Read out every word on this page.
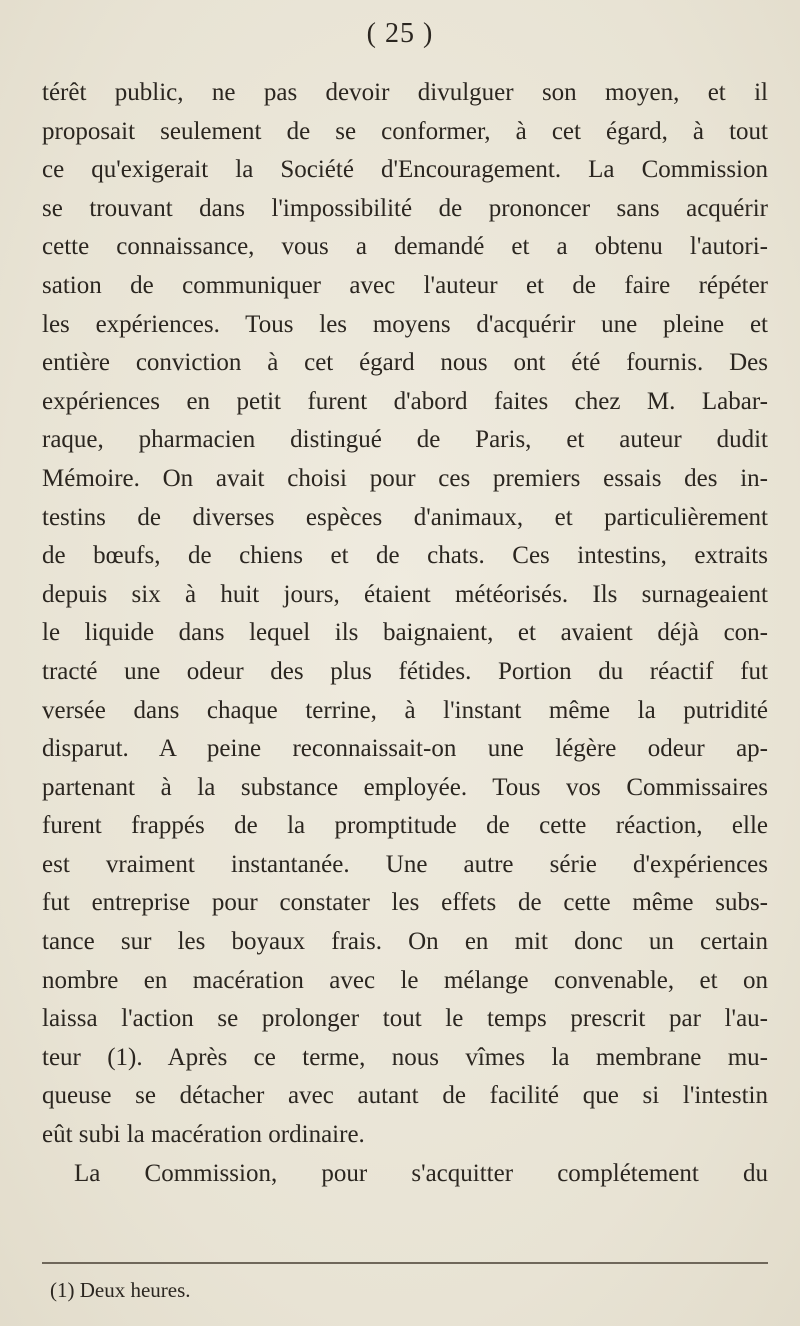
( 25 )
térêt public, ne pas devoir divulguer son moyen, et il
proposait seulement de se conformer, à cet égard, à tout
ce qu'exigerait la Société d'Encouragement. La Commission
se trouvant dans l'impossibilité de prononcer sans acquérir
cette connaissance, vous a demandé et a obtenu l'autori-
sation de communiquer avec l'auteur et de faire répéter
les expériences. Tous les moyens d'acquérir une pleine et
entière conviction à cet égard nous ont été fournis. Des
expériences en petit furent d'abord faites chez M. Labar-
raque, pharmacien distingué de Paris, et auteur dudit
Mémoire. On avait choisi pour ces premiers essais des in-
testins de diverses espèces d'animaux, et particulièrement
de bœufs, de chiens et de chats. Ces intestins, extraits
depuis six à huit jours, étaient météorisés. Ils surnageaient
le liquide dans lequel ils baignaient, et avaient déjà con-
tracté une odeur des plus fétides. Portion du réactif fut
versée dans chaque terrine, à l'instant même la putridité
disparut. A peine reconnaissait-on une légère odeur ap-
partenant à la substance employée. Tous vos Commissaires
furent frappés de la promptitude de cette réaction, elle
est vraiment instantanée. Une autre série d'expériences
fut entreprise pour constater les effets de cette même subs-
tance sur les boyaux frais. On en mit donc un certain
nombre en macération avec le mélange convenable, et on
laissa l'action se prolonger tout le temps prescrit par l'au-
teur (1). Après ce terme, nous vîmes la membrane mu-
queuse se détacher avec autant de facilité que si l'intestin
eût subi la macération ordinaire.
La Commission, pour s'acquitter complétement du
(1) Deux heures.
